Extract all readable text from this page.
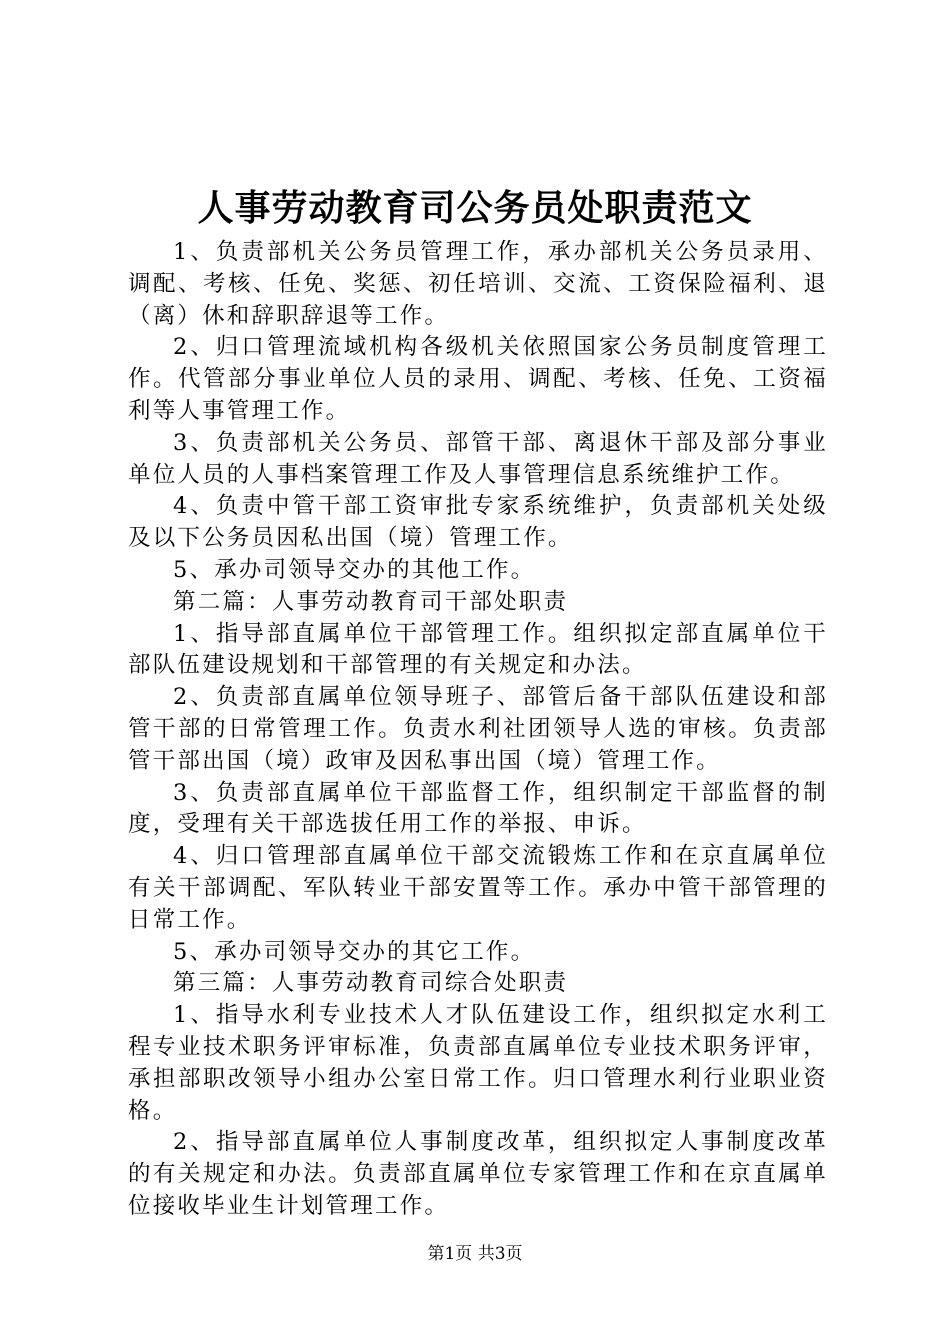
人事劳动教育司公务员处职责范文

1、负责部机关公务员管理工作，承办部机关公务员录用、调配、考核、任免、奖惩、初任培训、交流、工资保险福利、退（离）休和辞职辞退等工作。

2、归口管理流域机构各级机关依照国家公务员制度管理工作。代管部分事业单位人员的录用、调配、考核、任免、工资福利等人事管理工作。

3、负责部机关公务员、部管干部、离退休干部及部分事业单位人员的人事档案管理工作及人事管理信息系统维护工作。

4、负责中管干部工资审批专家系统维护，负责部机关处级及以下公务员因私出国（境）管理工作。

5、承办司领导交办的其他工作。

第二篇：人事劳动教育司干部处职责

1、指导部直属单位干部管理工作。组织拟定部直属单位干部队伍建设规划和干部管理的有关规定和办法。

2、负责部直属单位领导班子、部管后备干部队伍建设和部管干部的日常管理工作。负责水利社团领导人选的审核。负责部管干部出国（境）政审及因私事出国（境）管理工作。

3、负责部直属单位干部监督工作，组织制定干部监督的制度，受理有关干部选拔任用工作的举报、申诉。

4、归口管理部直属单位干部交流锻炼工作和在京直属单位有关干部调配、军队转业干部安置等工作。承办中管干部管理的日常工作。

5、承办司领导交办的其它工作。

第三篇：人事劳动教育司综合处职责

1、指导水利专业技术人才队伍建设工作，组织拟定水利工程专业技术职务评审标准，负责部直属单位专业技术职务评审，承担部职改领导小组办公室日常工作。归口管理水利行业职业资格。

2、指导部直属单位人事制度改革，组织拟定人事制度改革的有关规定和办法。负责部直属单位专家管理工作和在京直属单位接收毕业生计划管理工作。

第1页 共3页
